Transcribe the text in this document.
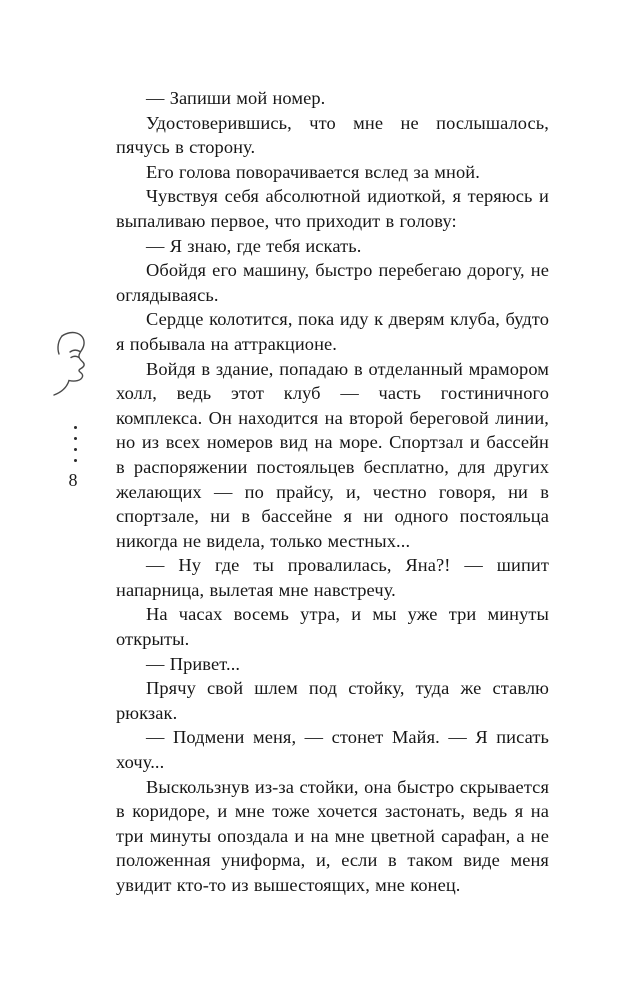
8

— Запиши мой номер.

Удостоверившись, что мне не послышалось, пячусь в сторону.

Его голова поворачивается вслед за мной.

Чувствуя себя абсолютной идиоткой, я теряюсь и выпаливаю первое, что приходит в голову:

— Я знаю, где тебя искать.

Обойдя его машину, быстро перебегаю дорогу, не оглядываясь.

Сердце колотится, пока иду к дверям клуба, будто я побывала на аттракционе.

Войдя в здание, попадаю в отделанный мрамором холл, ведь этот клуб — часть гостиничного комплекса. Он находится на второй береговой линии, но из всех номеров вид на море. Спортзал и бассейн в распоряжении постояльцев бесплатно, для других желающих — по прайсу, и, честно говоря, ни в спортзале, ни в бассейне я ни одного постояльца никогда не видела, только местных...

— Ну где ты провалилась, Яна?! — шипит напарница, вылетая мне навстречу.

На часах восемь утра, и мы уже три минуты открыты.

— Привет...

Прячу свой шлем под стойку, туда же ставлю рюкзак.

— Подмени меня, — стонет Майя. — Я писать хочу...

Выскользнув из-за стойки, она быстро скрывается в коридоре, и мне тоже хочется застонать, ведь я на три минуты опоздала и на мне цветной сарафан, а не положенная униформа, и, если в таком виде меня увидит кто-то из вышестоящих, мне конец.
